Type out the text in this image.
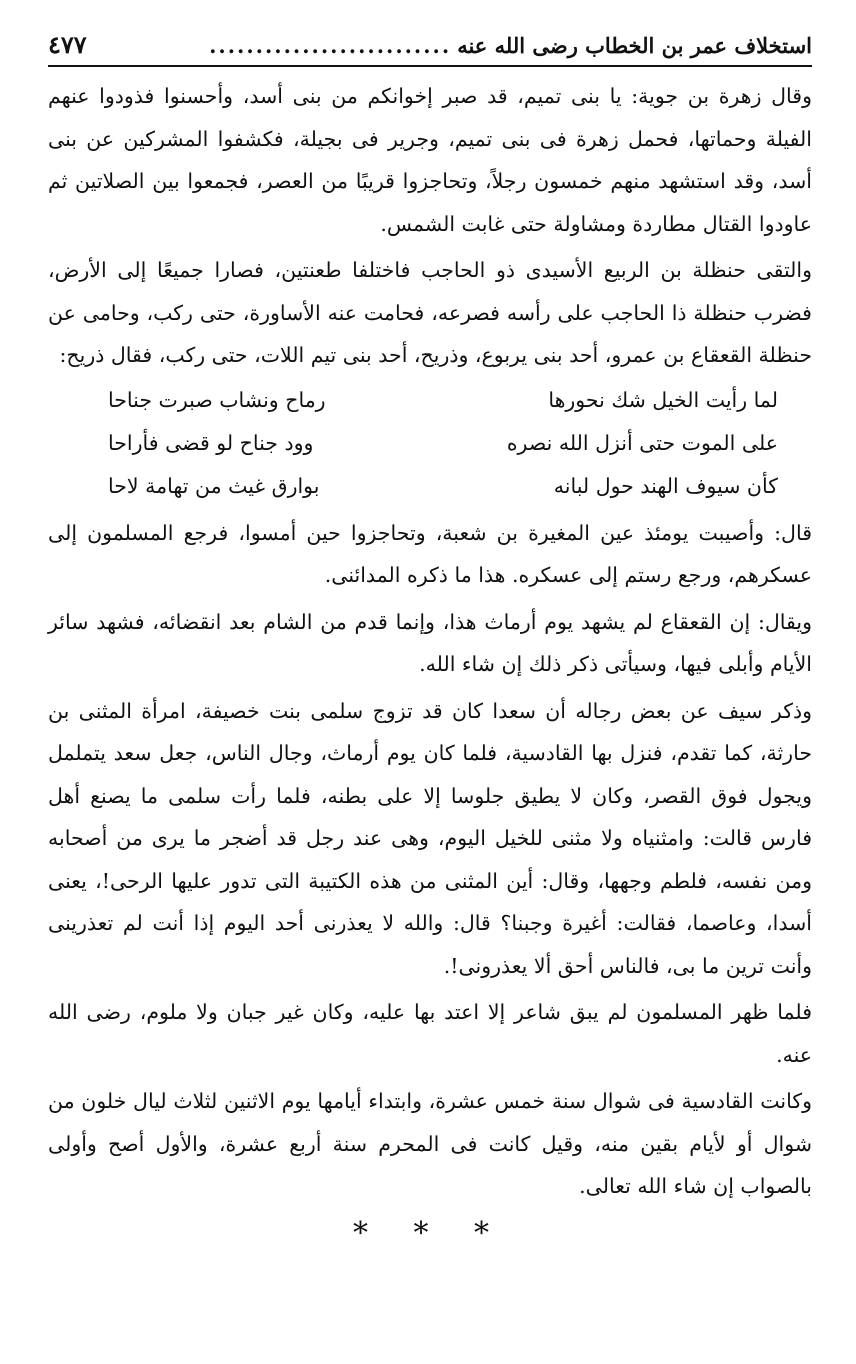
استخلاف عمر بن الخطاب رضى الله عنه
..........................
٤٧٧

وقال زهرة بن جوية: يا بنى تميم، قد صبر إخوانكم من بنى أسد، وأحسنوا فذودوا عنهم الفيلة وحماتها، فحمل زهرة فى بنى تميم، وجرير فى بجيلة، فكشفوا المشركين عن بنى أسد، وقد استشهد منهم خمسون رجلاً، وتحاجزوا قريبًا من العصر، فجمعوا بين الصلاتين ثم عاودوا القتال مطاردة ومشاولة حتى غابت الشمس.

والتقى حنظلة بن الربيع الأسيدى ذو الحاجب فاختلفا طعنتين، فصارا جميعًا إلى الأرض، فضرب حنظلة ذا الحاجب على رأسه فصرعه، فحامت عنه الأساورة، حتى ركب، وحامى عن حنظلة القعقاع بن عمرو، أحد بنى يربوع، وذريح، أحد بنى تيم اللات، حتى ركب، فقال ذريح:

لما رأيت الخيل شك نحورها
رماح ونشاب صبرت جناحا
على الموت حتى أنزل الله نصره
وود جناح لو قضى فأراحا
كأن سيوف الهند حول لبانه
بوارق غيث من تهامة لاحا

قال: وأصيبت يومئذ عين المغيرة بن شعبة، وتحاجزوا حين أمسوا، فرجع المسلمون إلى عسكرهم، ورجع رستم إلى عسكره. هذا ما ذكره المدائنى.

ويقال: إن القعقاع لم يشهد يوم أرماث هذا، وإنما قدم من الشام بعد انقضائه، فشهد سائر الأيام وأبلى فيها، وسيأتى ذكر ذلك إن شاء الله.

وذكر سيف عن بعض رجاله أن سعدا كان قد تزوج سلمى بنت خصيفة، امرأة المثنى بن حارثة، كما تقدم، فنزل بها القادسية، فلما كان يوم أرماث، وجال الناس، جعل سعد يتململ ويجول فوق القصر، وكان لا يطيق جلوسا إلا على بطنه، فلما رأت سلمى ما يصنع أهل فارس قالت: وامثنياه ولا مثنى للخيل اليوم، وهى عند رجل قد أضجر ما يرى من أصحابه ومن نفسه، فلطم وجهها، وقال: أين المثنى من هذه الكتيبة التى تدور عليها الرحى!، يعنى أسدا، وعاصما، فقالت: أغيرة وجبنا؟ قال: والله لا يعذرنى أحد اليوم إذا أنت لم تعذرينى وأنت ترين ما بى، فالناس أحق ألا يعذرونى!.

فلما ظهر المسلمون لم يبق شاعر إلا اعتد بها عليه، وكان غير جبان ولا ملوم، رضى الله عنه.

وكانت القادسية فى شوال سنة خمس عشرة، وابتداء أيامها يوم الاثنين لثلاث ليال خلون من شوال أو لأيام بقين منه، وقيل كانت فى المحرم سنة أربع عشرة، والأول أصح وأولى بالصواب إن شاء الله تعالى.

* * *
